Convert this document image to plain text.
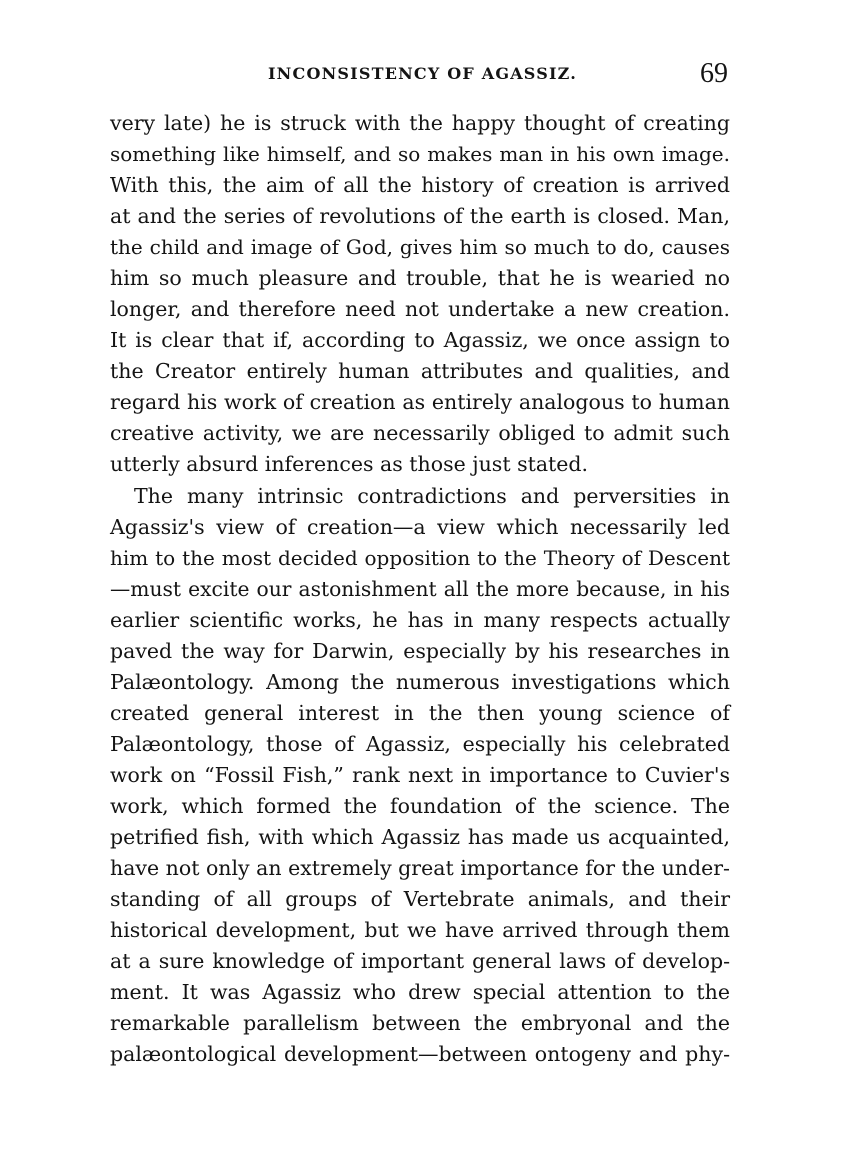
INCONSISTENCY OF AGASSIZ.	69
very late) he is struck with the happy thought of creating
something like himself, and so makes man in his own image.
With this, the aim of all the history of creation is arrived
at and the series of revolutions of the earth is closed. Man,
the child and image of God, gives him so much to do, causes
him so much pleasure and trouble, that he is wearied no
longer, and therefore need not undertake a new creation.
It is clear that if, according to Agassiz, we once assign to
the Creator entirely human attributes and qualities, and
regard his work of creation as entirely analogous to human
creative activity, we are necessarily obliged to admit such
utterly absurd inferences as those just stated.
The many intrinsic contradictions and perversities in
Agassiz's view of creation—a view which necessarily led
him to the most decided opposition to the Theory of Descent
—must excite our astonishment all the more because, in his
earlier scientific works, he has in many respects actually
paved the way for Darwin, especially by his researches in
Palæontology. Among the numerous investigations which
created general interest in the then young science of
Palæontology, those of Agassiz, especially his celebrated
work on “Fossil Fish,” rank next in importance to Cuvier's
work, which formed the foundation of the science. The
petrified fish, with which Agassiz has made us acquainted,
have not only an extremely great importance for the under-
standing of all groups of Vertebrate animals, and their
historical development, but we have arrived through them
at a sure knowledge of important general laws of develop-
ment. It was Agassiz who drew special attention to the
remarkable parallelism between the embryonal and the
palæontological development—between ontogeny and phy-
